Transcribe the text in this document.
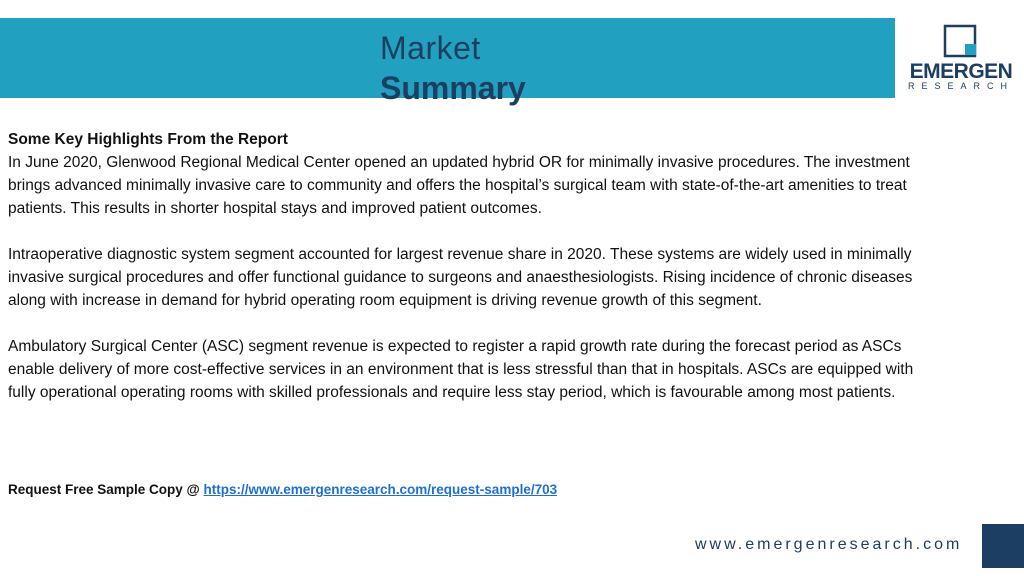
Market
Summary	EMERGEN
RESEARCH

Some Key Highlights From the Report
In June 2020, Glenwood Regional Medical Center opened an updated hybrid OR for minimally invasive procedures. The investment brings advanced minimally invasive care to community and offers the hospital’s surgical team with state-of-the-art amenities to treat patients. This results in shorter hospital stays and improved patient outcomes.

Intraoperative diagnostic system segment accounted for largest revenue share in 2020. These systems are widely used in minimally invasive surgical procedures and offer functional guidance to surgeons and anaesthesiologists. Rising incidence of chronic diseases along with increase in demand for hybrid operating room equipment is driving revenue growth of this segment.

Ambulatory Surgical Center (ASC) segment revenue is expected to register a rapid growth rate during the forecast period as ASCs enable delivery of more cost-effective services in an environment that is less stressful than that in hospitals. ASCs are equipped with fully operational operating rooms with skilled professionals and require less stay period, which is favourable among most patients.

Request Free Sample Copy @ https://www.emergenresearch.com/request-sample/703
www.emergenresearch.com
